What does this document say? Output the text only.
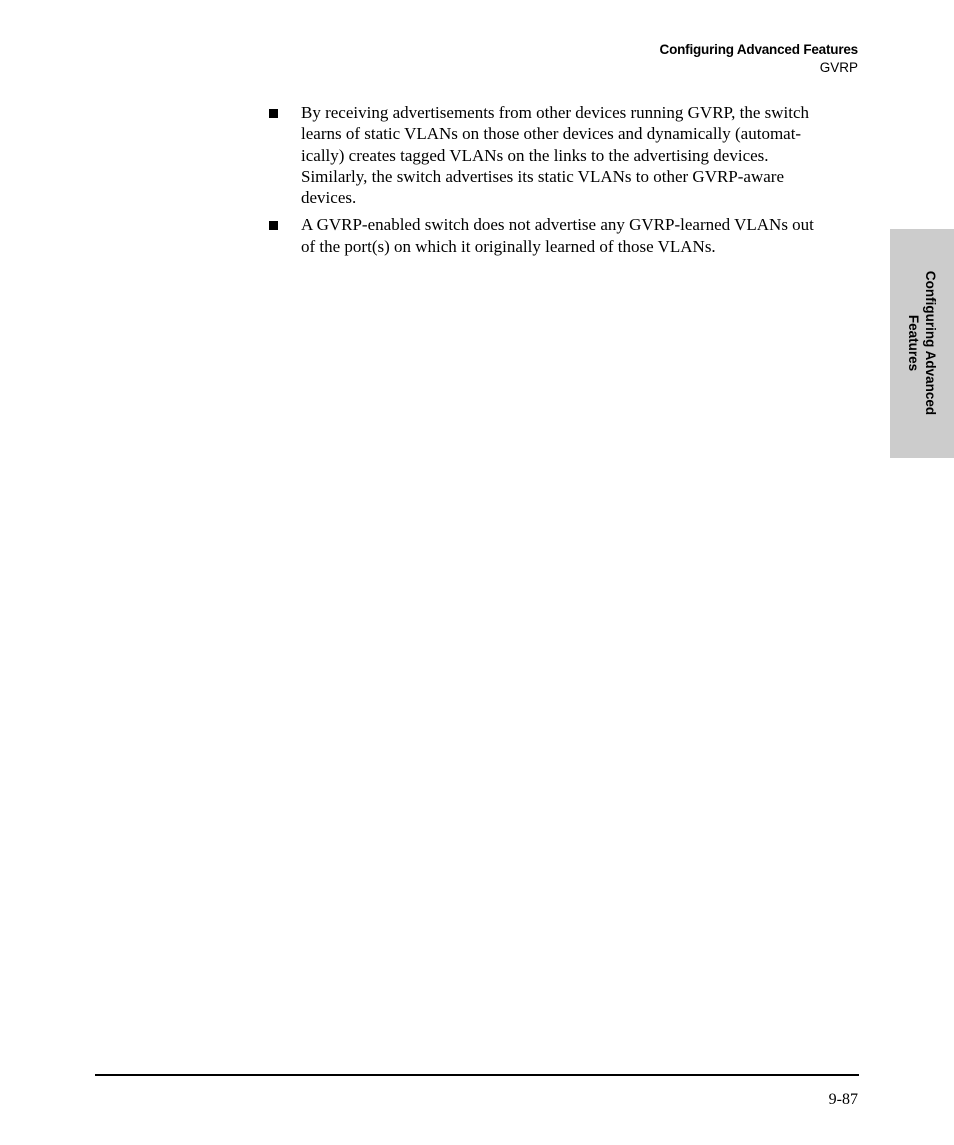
Configuring Advanced Features
GVRP
By receiving advertisements from other devices running GVRP, the switch
learns of static VLANs on those other devices and dynamically (automat-
ically) creates tagged VLANs on the links to the advertising devices.
Similarly, the switch advertises its static VLANs to other GVRP-aware
devices.
A GVRP-enabled switch does not advertise any GVRP-learned VLANs out
of the port(s) on which it originally learned of those VLANs.
Configuring Advanced
Features
9-87
